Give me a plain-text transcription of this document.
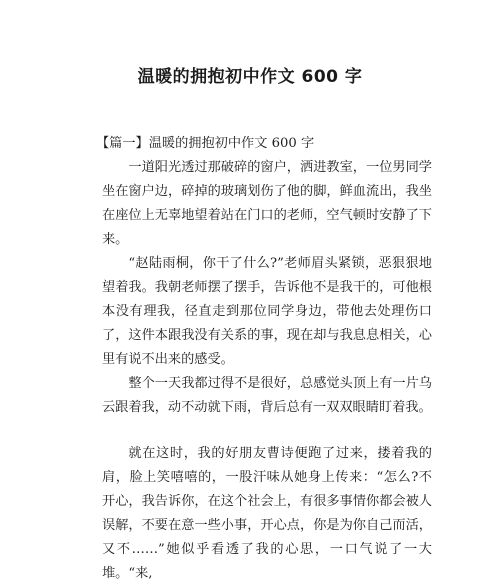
温暖的拥抱初中作文 600 字

【篇一】温暖的拥抱初中作文 600 字

一道阳光透过那破碎的窗户，洒进教室，一位男同学坐在窗户边，碎掉的玻璃划伤了他的脚，鲜血流出，我坐在座位上无辜地望着站在门口的老师，空气顿时安静了下来。

“赵陆雨桐，你干了什么?”老师眉头紧锁，恶狠狠地望着我。我朝老师摆了摆手，告诉他不是我干的，可他根本没有理我，径直走到那位同学身边，带他去处理伤口了，这件本跟我没有关系的事，现在却与我息息相关，心里有说不出来的感受。

整个一天我都过得不是很好，总感觉头顶上有一片乌云跟着我，动不动就下雨，背后总有一双双眼睛盯着我。

就在这时，我的好朋友曹诗便跑了过来，搂着我的肩，脸上笑嘻嘻的，一股汗味从她身上传来：“怎么?不开心，我告诉你，在这个社会上，有很多事情你都会被人误解，不要在意一些小事，开心点，你是为你自己而活，又不……”她似乎看透了我的心思，一口气说了一大堆。“来,
